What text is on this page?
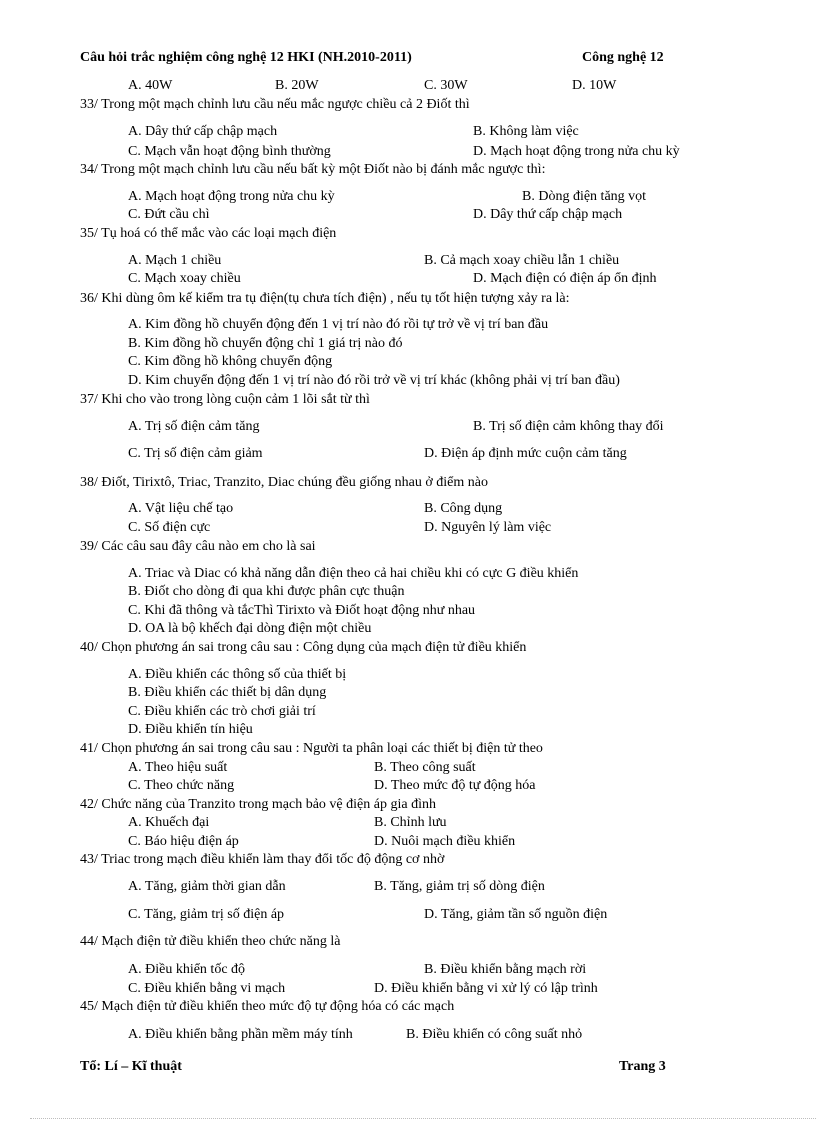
Câu hỏi trắc nghiệm công nghệ 12 HKI (NH.2010-2011)	Công nghệ 12
A. 40W	B. 20W	C. 30W	D. 10W
33/ Trong một mạch chỉnh lưu cầu nếu mắc ngược chiều cả 2 Điốt thì
A. Dây thứ cấp chập mạch	B. Không làm việc
C. Mạch vẫn hoạt động bình thường	D. Mạch hoạt động trong nửa chu kỳ
34/ Trong một mạch chỉnh lưu cầu nếu bất kỳ một Điốt nào bị đánh mắc ngược thì:
A. Mạch hoạt động trong nửa chu kỳ	B. Dòng điện tăng vọt
C. Đứt cầu chì	D. Dây thứ cấp chập mạch
35/ Tụ hoá có thể mắc vào các loại mạch điện
A. Mạch 1 chiều	B. Cả mạch xoay chiều lẫn 1 chiều
C. Mạch xoay chiều	D. Mạch điện có điện áp ổn định
36/ Khi dùng ôm kế kiểm tra tụ điện(tụ chưa tích điện) , nếu tụ tốt hiện tượng xảy ra là:
A. Kim đồng hồ chuyển động đến 1 vị trí nào đó rồi tự trở về vị trí ban đầu
B. Kim đồng hồ chuyển động chỉ 1 giá trị nào đó
C. Kim đồng hồ không chuyển động
D. Kim chuyển động đến 1 vị trí nào đó rồi trở về vị trí khác (không phải vị trí ban đầu)
37/ Khi cho vào trong lòng cuộn cảm 1 lõi sắt từ thì
A. Trị số điện cảm tăng	B. Trị số điện cảm không thay đổi
C. Trị số điện cảm giảm	D. Điện áp định mức cuộn cảm tăng
38/ Điốt, Tirixtô, Triac, Tranzito, Diac chúng đều giống nhau ở điểm nào
A. Vật liệu chế tạo	B. Công dụng
C. Số điện cực	D. Nguyên lý làm việc
39/ Các câu sau đây câu nào em cho là sai
A. Triac và Diac có khả năng dẫn điện theo cả hai chiều khi có cực G điều khiển
B. Điốt cho dòng đi qua khi được phân cực thuận
C. Khi đã thông và tắcThì Tirixto và Điốt hoạt động như nhau
D. OA là bộ khếch đại dòng điện một chiều
40/ Chọn phương án sai trong câu sau : Công dụng của mạch điện tử điều khiển
A. Điều khiển các thông số của thiết bị
B. Điều khiển các thiết bị dân dụng
C. Điều khiển các trò chơi giải trí
D. Điều khiển tín hiệu
41/ Chọn phương án sai trong câu sau : Người ta phân loại các thiết bị điện tử theo
A. Theo hiệu suất	B. Theo công suất
C. Theo chức năng	D. Theo mức độ tự động hóa
42/ Chức năng của Tranzito trong mạch bảo vệ điện áp gia đình
A. Khuếch đại	B. Chỉnh lưu
C. Báo hiệu điện áp	D. Nuôi mạch điều khiển
43/ Triac trong mạch điều khiển làm thay đổi tốc độ động cơ nhờ
A. Tăng, giảm thời gian dẫn	B. Tăng, giảm trị số dòng điện
C. Tăng, giảm trị số điện áp	D. Tăng, giảm tần số nguồn điện
44/ Mạch điện tử điều khiển theo chức năng là
A. Điều khiển tốc độ	B. Điều khiển bằng mạch rời
C. Điều khiển bằng vi mạch	D. Điều khiển bằng vi xử lý có lập trình
45/ Mạch điện tử điều khiển theo mức độ tự động hóa có các mạch
A. Điều khiển bằng phần mềm máy tính	B. Điều khiển có công suất nhỏ
Tổ: Lí – Kĩ thuật	Trang 3
